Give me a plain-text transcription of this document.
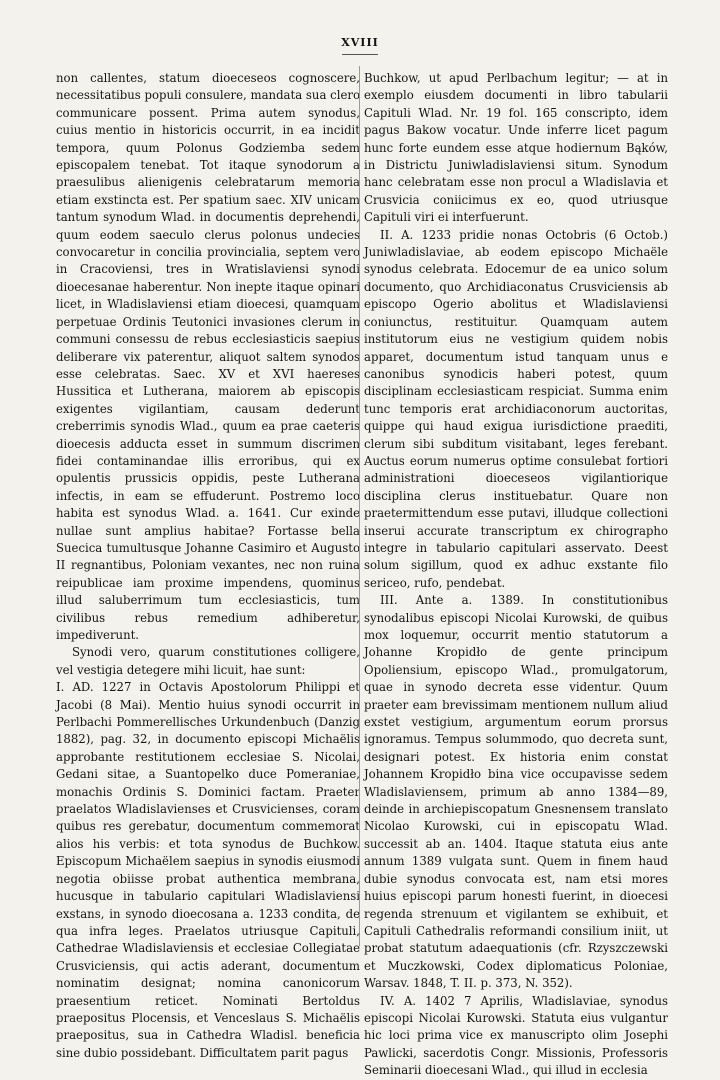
XVIII

non callentes, statum dioeceseos cognoscere, necessitatibus populi consulere, mandata sua clero communicare possent. Prima autem synodus, cuius mentio in historicis occurrit, in ea incidit tempora, quum Polonus Godziemba sedem episcopalem tenebat. Tot itaque synodorum a praesulibus alienigenis celebratarum memoria etiam exstincta est. Per spatium saec. XIV unicam tantum synodum Wlad. in documentis deprehendi, quum eodem saeculo clerus polonus undecies convocaretur in concilia provincialia, septem vero in Cracoviensi, tres in Wratislaviensi synodi dioecesanae haberentur. Non inepte itaque opinari licet, in Wladislaviensi etiam dioecesi, quamquam perpetuae Ordinis Teutonici invasiones clerum in communi consessu de rebus ecclesiasticis saepius deliberare vix paterentur, aliquot saltem synodos esse celebratas. Saec. XV et XVI haereses Hussitica et Lutherana, maiorem ab episcopis exigentes vigilantiam, causam dederunt creberrimis synodis Wlad., quum ea prae caeteris dioecesis adducta esset in summum discrimen fidei contaminandae illis erroribus, qui ex opulentis prussicis oppidis, peste Lutherana infectis, in eam se effuderunt. Postremo loco habita est synodus Wlad. a. 1641. Cur exinde nullae sunt amplius habitae? Fortasse bella Suecica tumultusque Johanne Casimiro et Augusto II regnantibus, Poloniam vexantes, nec non ruina reipublicae iam proxime impendens, quominus illud saluberrimum tum ecclesiasticis, tum civilibus rebus remedium adhiberetur, impediverunt.

Synodi vero, quarum constitutiones colligere, vel vestigia detegere mihi licuit, hae sunt:

I. AD. 1227 in Octavis Apostolorum Philippi et Jacobi (8 Mai). Mentio huius synodi occurrit in Perlbachi Pommerellisches Urkundenbuch (Danzig 1882), pag. 32, in documento episcopi Michaëlis approbante restitutionem ecclesiae S. Nicolai, Gedani sitae, a Suantopelko duce Pomeraniae, monachis Ordinis S. Dominici factam. Praeter praelatos Wladislavienses et Crusvicienses, coram quibus res gerebatur, documentum commemorat alios his verbis: et tota synodus de Buchkow. Episcopum Michaëlem saepius in synodis eiusmodi negotia obiisse probat authentica membrana, hucusque in tabulario capitulari Wladislaviensi exstans, in synodo dioecosana a. 1233 condita, de qua infra leges. Praelatos utriusque Capituli, Cathedrae Wladislaviensis et ecclesiae Collegiatae Crusviciensis, qui actis aderant, documentum nominatim designat; nomina canonicorum praesentium reticet. Nominati Bertoldus praepositus Plocensis, et Venceslaus S. Michaëlis praepositus, sua in Cathedra Wladisl. beneficia sine dubio possidebant. Difficultatem parit pagus

Buchkow, ut apud Perlbachum legitur; — at in exemplo eiusdem documenti in libro tabularii Capituli Wlad. Nr. 19 fol. 165 conscripto, idem pagus Bakow vocatur. Unde inferre licet pagum hunc forte eundem esse atque hodiernum Bąków, in Districtu Juniwladislaviensi situm. Synodum hanc celebratam esse non procul a Wladislavia et Crusvicia coniicimus ex eo, quod utriusque Capituli viri ei interfuerunt.

II. A. 1233 pridie nonas Octobris (6 Octob.) Juniwladislaviae, ab eodem episcopo Michaële synodus celebrata. Edocemur de ea unico solum documento, quo Archidiaconatus Crusviciensis ab episcopo Ogerio abolitus et Wladislaviensi coniunctus, restituitur. Quamquam autem institutorum eius ne vestigium quidem nobis apparet, documentum istud tanquam unus e canonibus synodicis haberi potest, quum disciplinam ecclesiasticam respiciat. Summa enim tunc temporis erat archidiaconorum auctoritas, quippe qui haud exigua iurisdictione praediti, clerum sibi subditum visitabant, leges ferebant. Auctus eorum numerus optime consulebat fortiori administrationi dioeceseos vigilantiorique disciplina clerus instituebatur. Quare non praetermittendum esse putavi, illudque collectioni inserui accurate transcriptum ex chirographo integre in tabulario capitulari asservato. Deest solum sigillum, quod ex adhuc exstante filo sericeo, rufo, pendebat.

III. Ante a. 1389. In constitutionibus synodalibus episcopi Nicolai Kurowski, de quibus mox loquemur, occurrit mentio statutorum a Johanne Kropidło de gente principum Opoliensium, episcopo Wlad., promulgatorum, quae in synodo decreta esse videntur. Quum praeter eam brevissimam mentionem nullum aliud exstet vestigium, argumentum eorum prorsus ignoramus. Tempus solummodo, quo decreta sunt, designari potest. Ex historia enim constat Johannem Kropidło bina vice occupavisse sedem Wladislaviensem, primum ab anno 1384—89, deinde in archiepiscopatum Gnesnensem translato Nicolao Kurowski, cui in episcopatu Wlad. successit ab an. 1404. Itaque statuta eius ante annum 1389 vulgata sunt. Quem in finem haud dubie synodus convocata est, nam etsi mores huius episcopi parum honesti fuerint, in dioecesi regenda strenuum et vigilantem se exhibuit, et Capituli Cathedralis reformandi consilium iniit, ut probat statutum adaequationis (cfr. Rzyszczewski et Muczkowski, Codex diplomaticus Poloniae, Warsav. 1848, T. II. p. 373, N. 352).

IV. A. 1402 7 Aprilis, Wladislaviae, synodus episcopi Nicolai Kurowski. Statuta eius vulgantur hic loci prima vice ex manuscripto olim Josephi Pawlicki, sacerdotis Congr. Missionis, Professoris Seminarii dioecesani Wlad., qui illud in ecclesia
